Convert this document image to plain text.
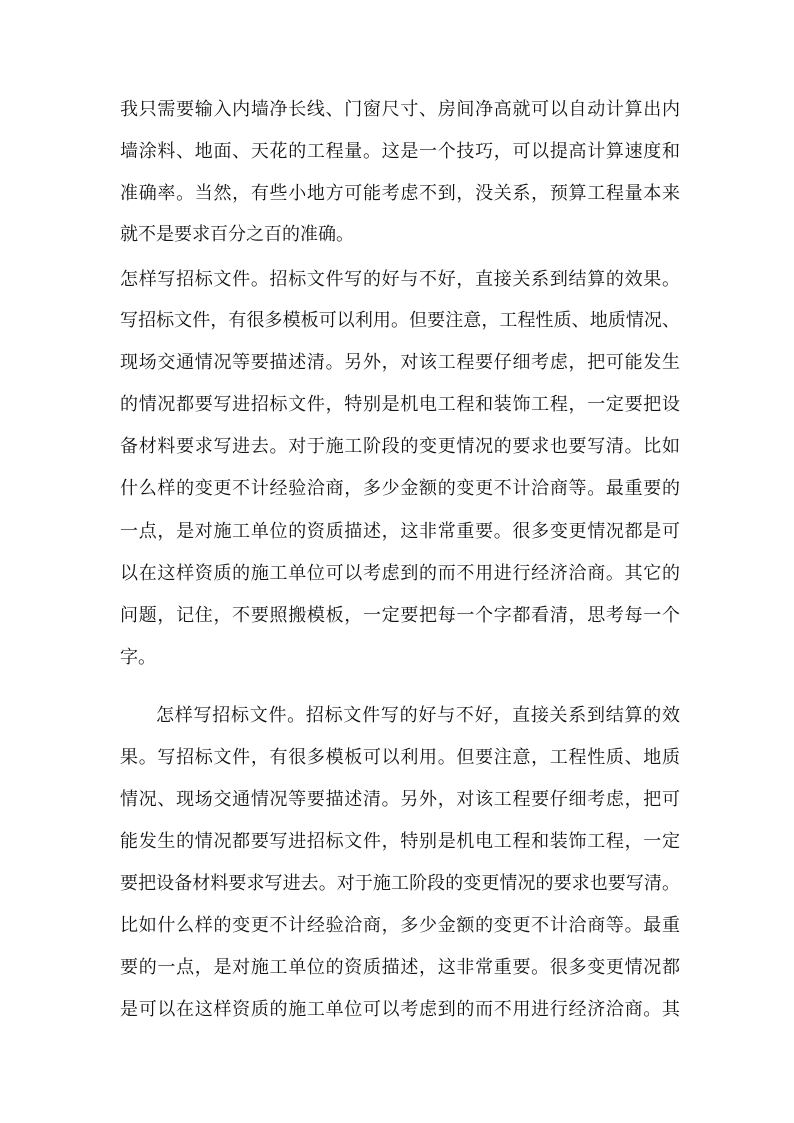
我只需要输入内墙净长线、门窗尺寸、房间净高就可以自动计算出内
墙涂料、地面、天花的工程量。这是一个技巧，可以提高计算速度和
准确率。当然，有些小地方可能考虑不到，没关系，预算工程量本来
就不是要求百分之百的准确。
怎样写招标文件。招标文件写的好与不好，直接关系到结算的效果。
写招标文件，有很多模板可以利用。但要注意，工程性质、地质情况、
现场交通情况等要描述清。另外，对该工程要仔细考虑，把可能发生
的情况都要写进招标文件，特别是机电工程和装饰工程，一定要把设
备材料要求写进去。对于施工阶段的变更情况的要求也要写清。比如
什么样的变更不计经验洽商，多少金额的变更不计洽商等。最重要的
一点，是对施工单位的资质描述，这非常重要。很多变更情况都是可
以在这样资质的施工单位可以考虑到的而不用进行经济洽商。其它的
问题，记住，不要照搬模板，一定要把每一个字都看清，思考每一个
字。
怎样写招标文件。招标文件写的好与不好，直接关系到结算的效
果。写招标文件，有很多模板可以利用。但要注意，工程性质、地质
情况、现场交通情况等要描述清。另外，对该工程要仔细考虑，把可
能发生的情况都要写进招标文件，特别是机电工程和装饰工程，一定
要把设备材料要求写进去。对于施工阶段的变更情况的要求也要写清。
比如什么样的变更不计经验洽商，多少金额的变更不计洽商等。最重
要的一点，是对施工单位的资质描述，这非常重要。很多变更情况都
是可以在这样资质的施工单位可以考虑到的而不用进行经济洽商。其
